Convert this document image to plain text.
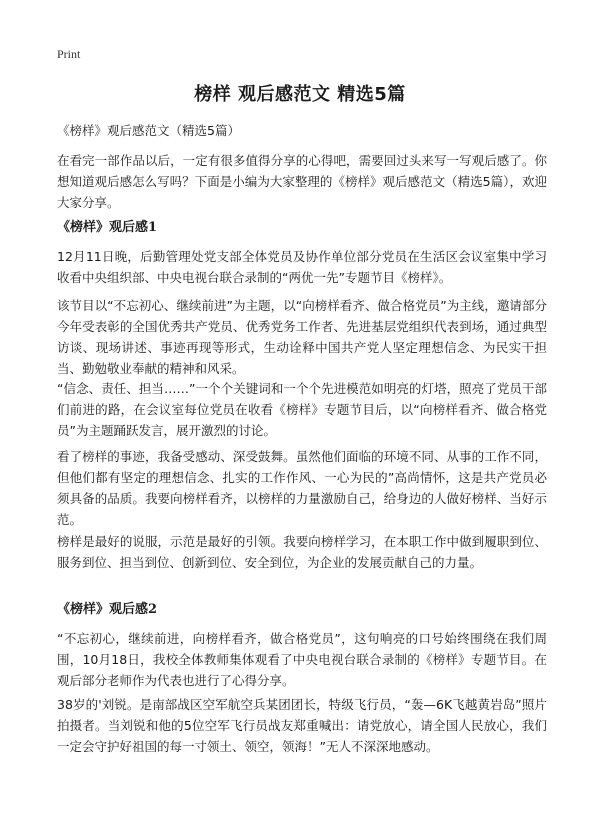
Print
榜样 观后感范文 精选5篇

《榜样》观后感范文（精选5篇）

在看完一部作品以后，一定有很多值得分享的心得吧，需要回过头来写一写观后感了。你想知道观后感怎么写吗？下面是小编为大家整理的《榜样》观后感范文（精选5篇），欢迎大家分享。

《榜样》观后感1

12月11日晚，后勤管理处党支部全体党员及协作单位部分党员在生活区会议室集中学习收看中央组织部、中央电视台联合录制的“两优一先”专题节目《榜样》。

该节目以“不忘初心、继续前进”为主题，以“向榜样看齐、做合格党员”为主线，邀请部分今年受表彰的全国优秀共产党员、优秀党务工作者、先进基层党组织代表到场，通过典型访谈、现场讲述、事迹再现等形式，生动诠释中国共产党人坚定理想信念、为民实干担当、勤勉敬业奉献的精神和风采。

“信念、责任、担当……”一个个关键词和一个个先进模范如明亮的灯塔，照亮了党员干部们前进的路，在会议室每位党员在收看《榜样》专题节目后，以“向榜样看齐、做合格党员”为主题踊跃发言，展开激烈的讨论。

看了榜样的事迹，我备受感动、深受鼓舞。虽然他们面临的环境不同、从事的工作不同，但他们都有坚定的理想信念、扎实的工作作风、一心为民的”高尚情怀，这是共产党员必须具备的品质。我要向榜样看齐，以榜样的力量激励自己，给身边的人做好榜样、当好示范。

榜样是最好的说服，示范是最好的引领。我要向榜样学习，在本职工作中做到履职到位、服务到位、担当到位、创新到位、安全到位，为企业的发展贡献自己的力量。

《榜样》观后感2

“不忘初心，继续前进，向榜样看齐，做合格党员”，这句响亮的口号始终围绕在我们周围，10月18日，我校全体教师集体观看了中央电视台联合录制的《榜样》专题节目。在观后部分老师作为代表也进行了心得分享。

38岁的'刘锐。是南部战区空军航空兵某团团长，特级飞行员，“轰—6K飞越黄岩岛”照片拍摄者。当刘锐和他的5位空军飞行员战友郑重喊出：请党放心，请全国人民放心，我们一定会守护好祖国的每一寸领土、领空，领海！”无人不深深地感动。
